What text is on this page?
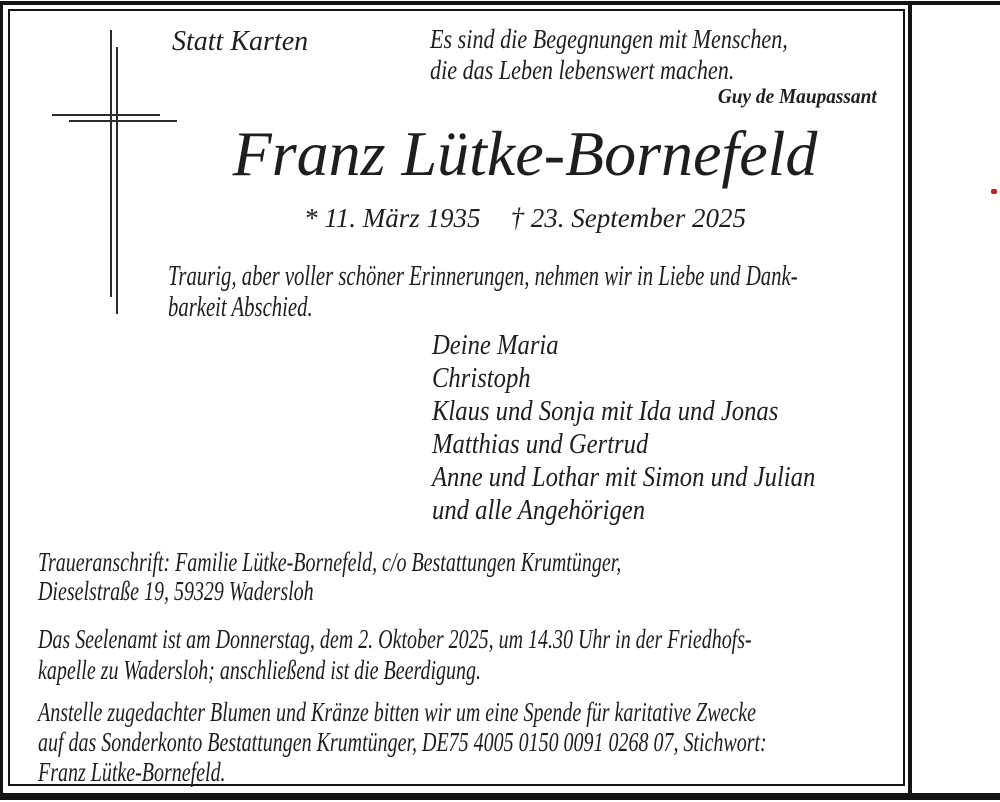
Statt Karten	Es sind die Begegnungen mit Menschen,
die das Leben lebenswert machen.
Guy de Maupassant
Franz Lütke-Bornefeld
* 11. März 1935 † 23. September 2025
Traurig, aber voller schöner Erinnerungen, nehmen wir in Liebe und Dank-
barkeit Abschied.
Deine Maria
Christoph
Klaus und Sonja mit Ida und Jonas
Matthias und Gertrud
Anne und Lothar mit Simon und Julian
und alle Angehörigen
Traueranschrift: Familie Lütke-Bornefeld, c/o Bestattungen Krumtünger,
Dieselstraße 19, 59329 Wadersloh
Das Seelenamt ist am Donnerstag, dem 2. Oktober 2025, um 14.30 Uhr in der Friedhofs-
kapelle zu Wadersloh; anschließend ist die Beerdigung.
Anstelle zugedachter Blumen und Kränze bitten wir um eine Spende für karitative Zwecke
auf das Sonderkonto Bestattungen Krumtünger, DE75 4005 0150 0091 0268 07, Stichwort:
Franz Lütke-Bornefeld.
